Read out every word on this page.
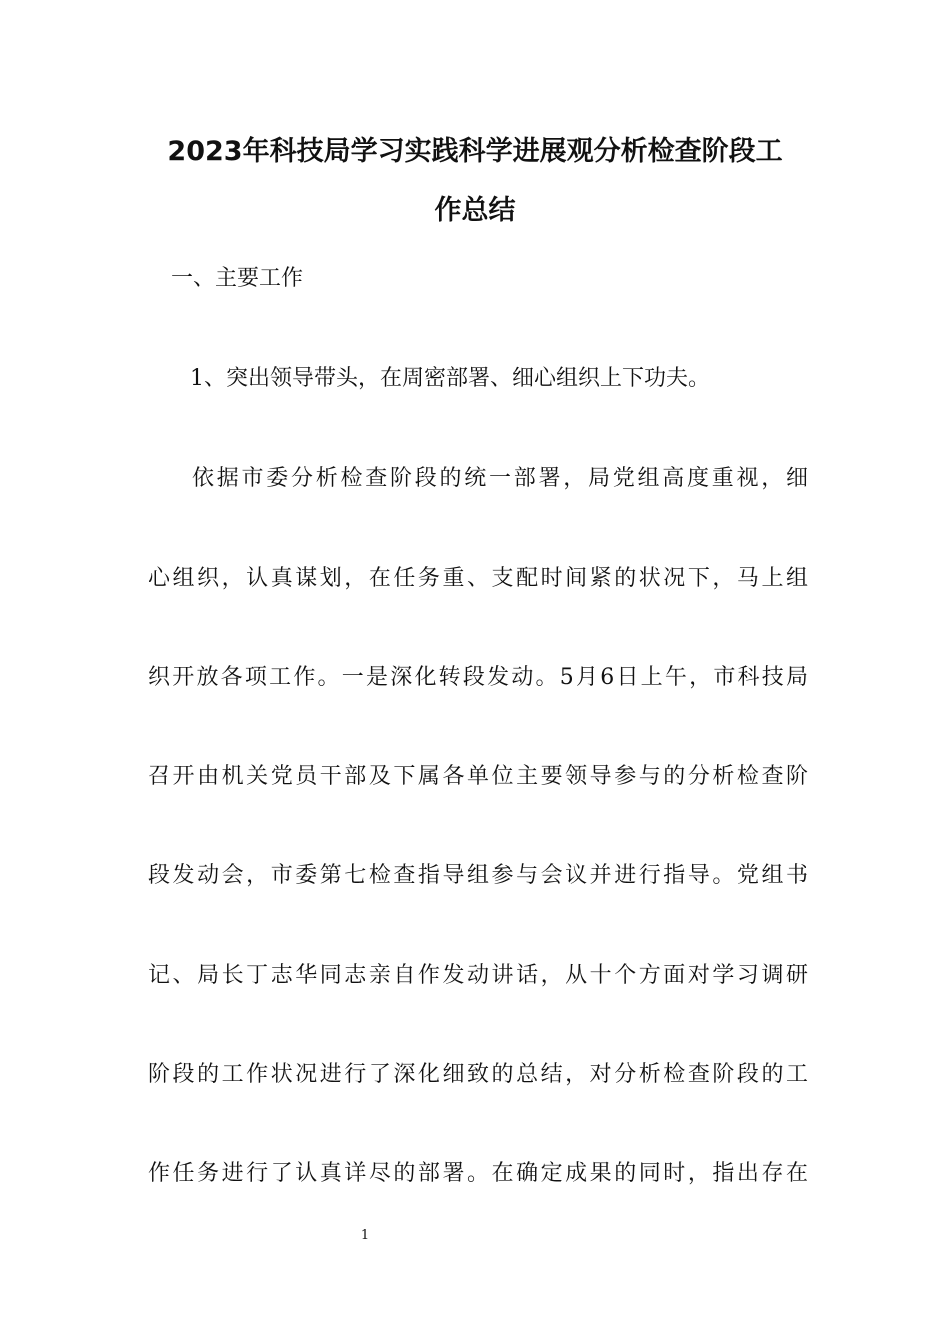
2023年科技局学习实践科学进展观分析检查阶段工
作总结
一、主要工作
1、突出领导带头，在周密部署、细心组织上下功夫。
依据市委分析检查阶段的统一部署，局党组高度重视，细
心组织，认真谋划，在任务重、支配时间紧的状况下，马上组
织开放各项工作。一是深化转段发动。5月6日上午，市科技局
召开由机关党员干部及下属各单位主要领导参与的分析检查阶
段发动会，市委第七检查指导组参与会议并进行指导。党组书
记、局长丁志华同志亲自作发动讲话，从十个方面对学习调研
阶段的工作状况进行了深化细致的总结，对分析检查阶段的工
作任务进行了认真详尽的部署。在确定成果的同时，指出存在
1
